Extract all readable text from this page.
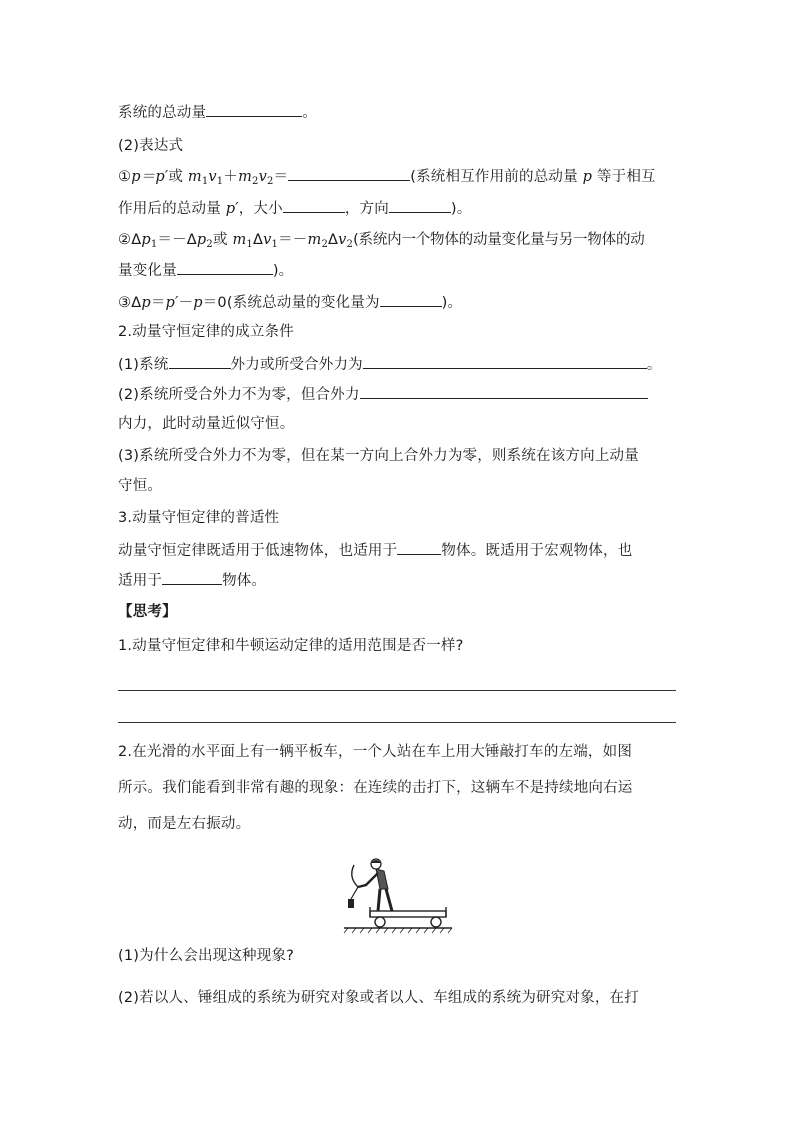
系统的总动量	。
(2)表达式
①p＝p′或 $m_1v_1+m_2v_2=$	(系统相互作用前的总动量 p 等于相互
作用后的总动量 p′，大小	，方向	)。
$②\Delta p_1=-\Delta p_2$或 $m_1\Delta v_1=-m_2\Delta v_2$(系统内一个物体的动量变化量与另一物体的动
量变化量	)。
③Δp＝p′－p＝0(系统总动量的变化量为	)。
2.动量守恒定律的成立条件
(1)系统	外力或所受合外力为	。
(2)系统所受合外力不为零，但合外力
内力，此时动量近似守恒。
(3)系统所受合外力不为零，但在某一方向上合外力为零，则系统在该方向上动量
守恒。
3.动量守恒定律的普适性
动量守恒定律既适用于低速物体，也适用于	物体。既适用于宏观物体，也
适用于	物体。
【思考】
1.动量守恒定律和牛顿运动定律的适用范围是否一样?
2.在光滑的水平面上有一辆平板车，一个人站在车上用大锤敲打车的左端，如图
所示。我们能看到非常有趣的现象：在连续的击打下，这辆车不是持续地向右运
动，而是左右振动。
(1)为什么会出现这种现象?
(2)若以人、锤组成的系统为研究对象或者以人、车组成的系统为研究对象，在打
